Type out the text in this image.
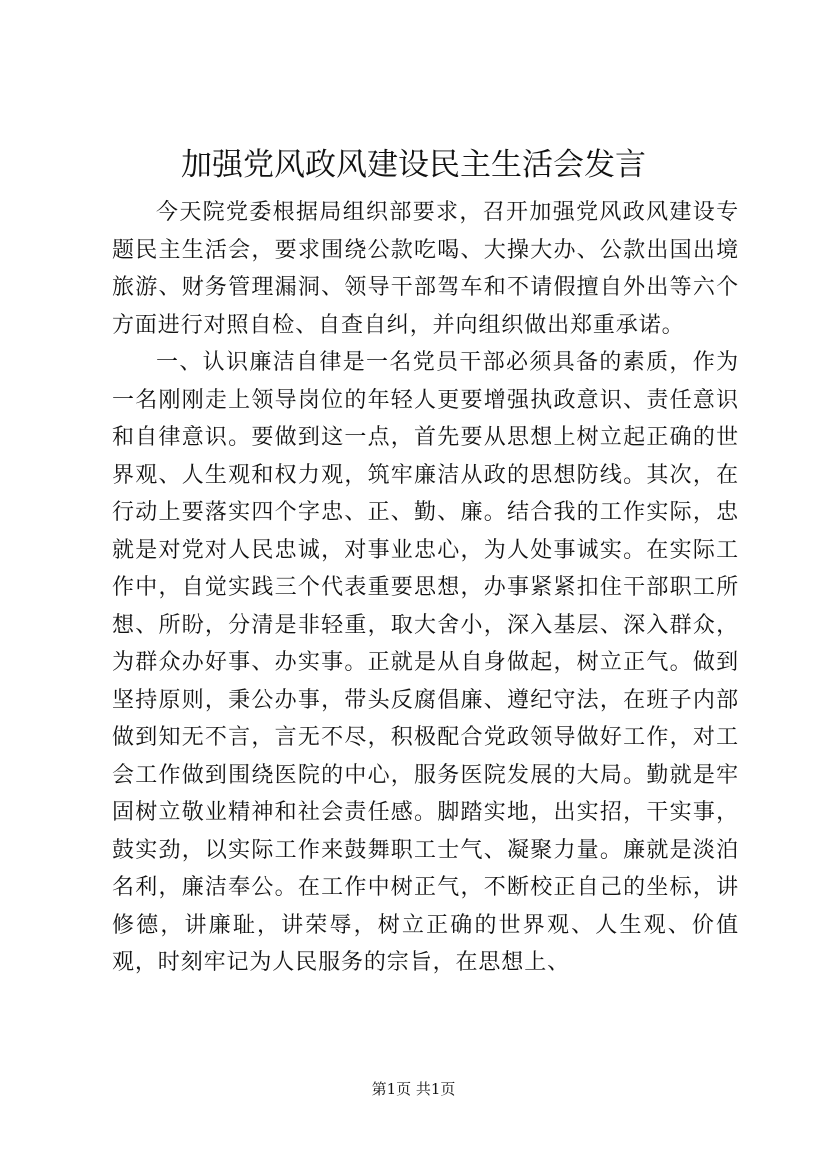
加强党风政风建设民主生活会发言

今天院党委根据局组织部要求，召开加强党风政风建设专题民主生活会，要求围绕公款吃喝、大操大办、公款出国出境旅游、财务管理漏洞、领导干部驾车和不请假擅自外出等六个方面进行对照自检、自查自纠，并向组织做出郑重承诺。

一、认识廉洁自律是一名党员干部必须具备的素质，作为一名刚刚走上领导岗位的年轻人更要增强执政意识、责任意识和自律意识。要做到这一点，首先要从思想上树立起正确的世界观、人生观和权力观，筑牢廉洁从政的思想防线。其次，在行动上要落实四个字忠、正、勤、廉。结合我的工作实际，忠就是对党对人民忠诚，对事业忠心，为人处事诚实。在实际工作中，自觉实践三个代表重要思想，办事紧紧扣住干部职工所想、所盼，分清是非轻重，取大舍小，深入基层、深入群众，为群众办好事、办实事。正就是从自身做起，树立正气。做到坚持原则，秉公办事，带头反腐倡廉、遵纪守法，在班子内部做到知无不言，言无不尽，积极配合党政领导做好工作，对工会工作做到围绕医院的中心，服务医院发展的大局。勤就是牢固树立敬业精神和社会责任感。脚踏实地，出实招，干实事，鼓实劲，以实际工作来鼓舞职工士气、凝聚力量。廉就是淡泊名利，廉洁奉公。在工作中树正气，不断校正自己的坐标，讲修德，讲廉耻，讲荣辱，树立正确的世界观、人生观、价值观，时刻牢记为人民服务的宗旨，在思想上、

第1页 共1页
